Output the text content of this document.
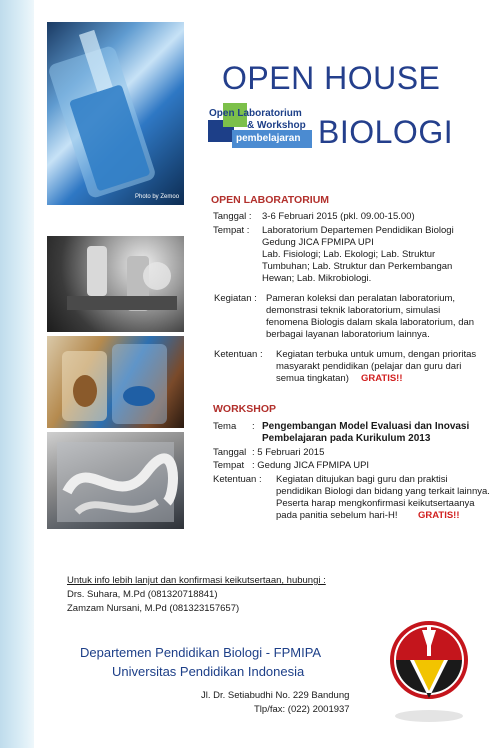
Photo by Zemoo
OPEN HOUSE
Open Laboratorium
& Workshop
pembelajaran BIOLOGI
OPEN LABORATORIUM
Tanggal : 3-6 Februari 2015 (pkl. 09.00-15.00)
Tempat : Laboratorium Departemen Pendidikan Biologi
Gedung JICA FPMIPA UPI
Lab. Fisiologi; Lab. Ekologi; Lab. Struktur
Tumbuhan; Lab. Struktur dan Perkembangan
Hewan; Lab. Mikrobiologi.
Kegiatan : Pameran koleksi dan peralatan laboratorium,
demonstrasi teknik laboratorium, simulasi
fenomena Biologis dalam skala laboratorium, dan
berbagai layanan laboratorium lainnya.
Ketentuan : Kegiatan terbuka untuk umum, dengan prioritas
masyarakt pendidikan (pelajar dan guru dari
semua tingkatan) GRATIS!!
WORKSHOP
Tema : Pengembangan Model Evaluasi dan Inovasi
Pembelajaran pada Kurikulum 2013
Tanggal : 5 Februari 2015
Tempat : Gedung JICA FPMIPA UPI
Ketentuan : Kegiatan ditujukan bagi guru dan praktisi
pendidikan Biologi dan bidang yang terkait lainnya.
Peserta harap mengkonfirmasi keikutsertaanya
pada panitia sebelum hari-H! GRATIS!!
Untuk info lebih lanjut dan konfirmasi keikutsertaan, hubungi :
Drs. Suhara, M.Pd (081320718841)
Zamzam Nursani, M.Pd (081323157657)
Departemen Pendidikan Biologi - FPMIPA
Universitas Pendidikan Indonesia
Jl. Dr. Setiabudhi No. 229 Bandung
Tlp/fax: (022) 2001937
